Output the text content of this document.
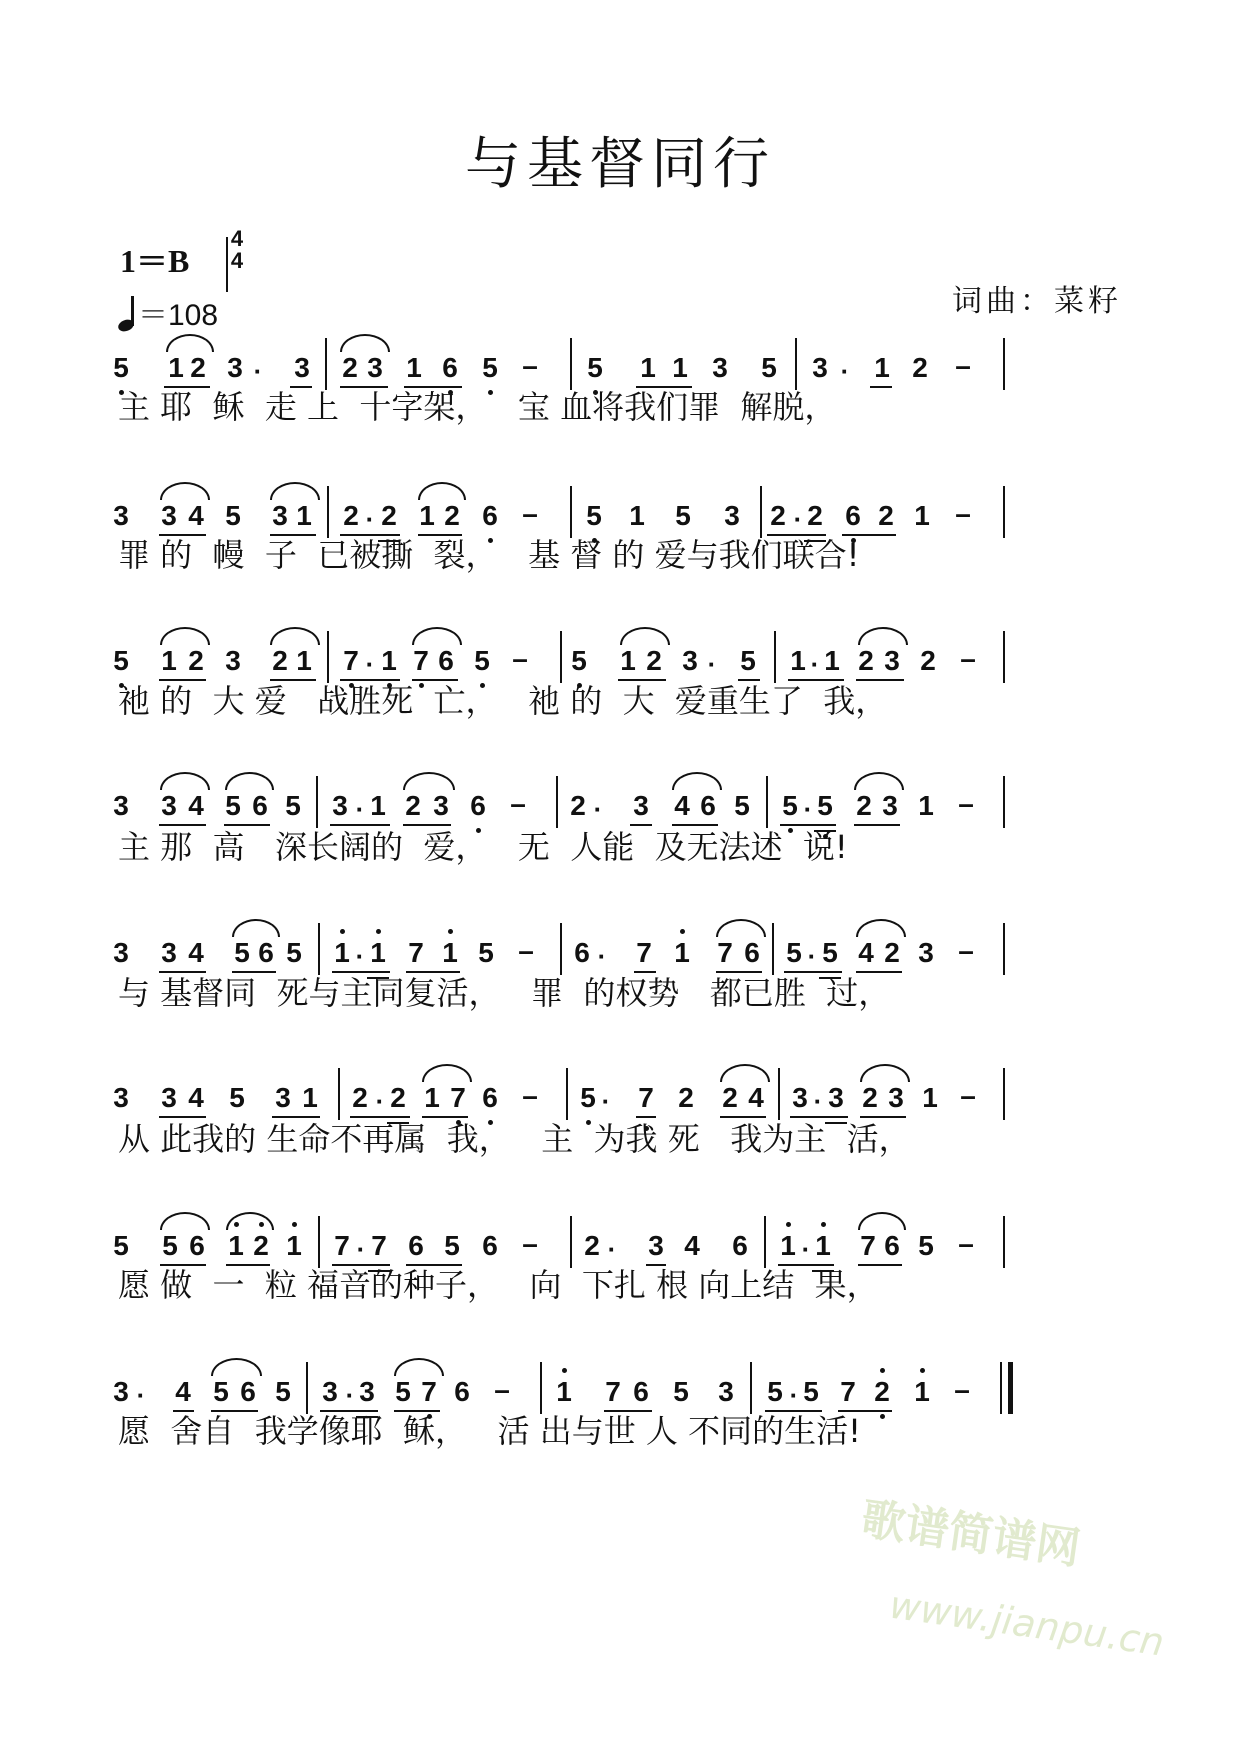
与基督同行
1＝B
4
4
＝108	词曲：菜籽
5 1 2 3 · 3 2 3 1 6 5 – 5 1 1 3 5 3 · 1 2 –
主 耶  稣  走 上  十字架，   宝 血将我们罪  解脱，
3 3 4 5 3 1 2 · 2 1 2 6 – 5 1 5 3 2 · 2 6 2 1 –
罪 的  幔  子  已被撕  裂，   基 督 的 爱与我们联合!
5 1 2 3 2 1 7 · 1 7 6 5 – 5 1 2 3 · 5 1 · 1 2 3 2 –
祂 的  大 爱   战胜死  亡，   祂 的  大  爱重生了  我，
3 3 4 5 6 5 3 · 1 2 3 6 – 2 · 3 4 6 5 5 · 5 2 3 1 –
主 那  高   深长阔的  爱，   无  人能  及无法述  说!
3 3 4 5 6 5 1 · 1 7 1 5 – 6 · 7 1 7 6 5 · 5 4 2 3 –
与 基督同  死与主同复活，   罪  的权势   都已胜  过，
3 3 4 5 3 1 2 · 2 1 7 6 – 5 · 7 2 2 4 3 · 3 2 3 1 –
从 此我的 生命不再属  我，   主  为我 死   我为主  活，
5 5 6 1 2 1 7 · 7 6 5 6 – 2 · 3 4 6 1 · 1 7 6 5 –
愿 做  一  粒 福音的种子，   向  下扎 根 向上结  果，
3 · 4 5 6 5 3 · 3 5 7 6 – 1 7 6 5 3 5 · 5 7 2 1 –
愿  舍自  我学像耶  稣，   活 出与世 人 不同的生活!
歌谱简谱网
www.jianpu.cn
